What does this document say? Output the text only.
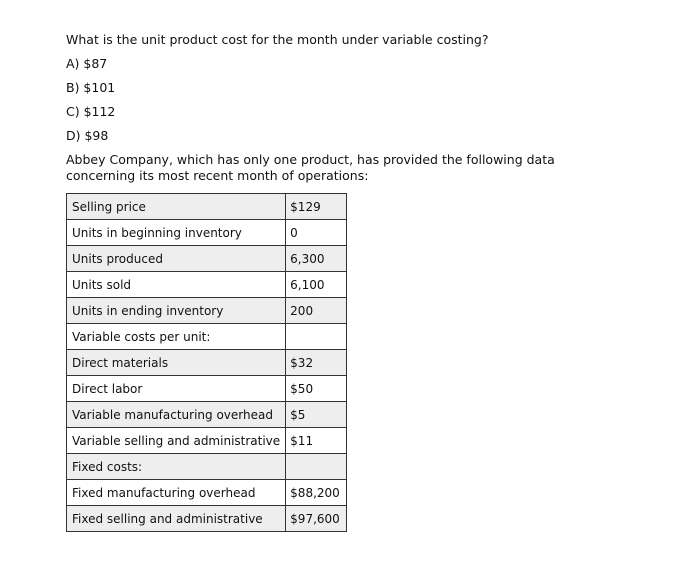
What is the unit product cost for the month under variable costing?

A) $87
B) $101
C) $112
D) $98
Abbey Company, which has only one product, has provided the following data concerning its most recent month of operations:
Selling price	$129
Units in beginning inventory	0
Units produced	6,300
Units sold	6,100
Units in ending inventory	200
Variable costs per unit:	
Direct materials	$32
Direct labor	$50
Variable manufacturing overhead	$5
Variable selling and administrative	$11
Fixed costs:	
Fixed manufacturing overhead	$88,200
Fixed selling and administrative	$97,600
